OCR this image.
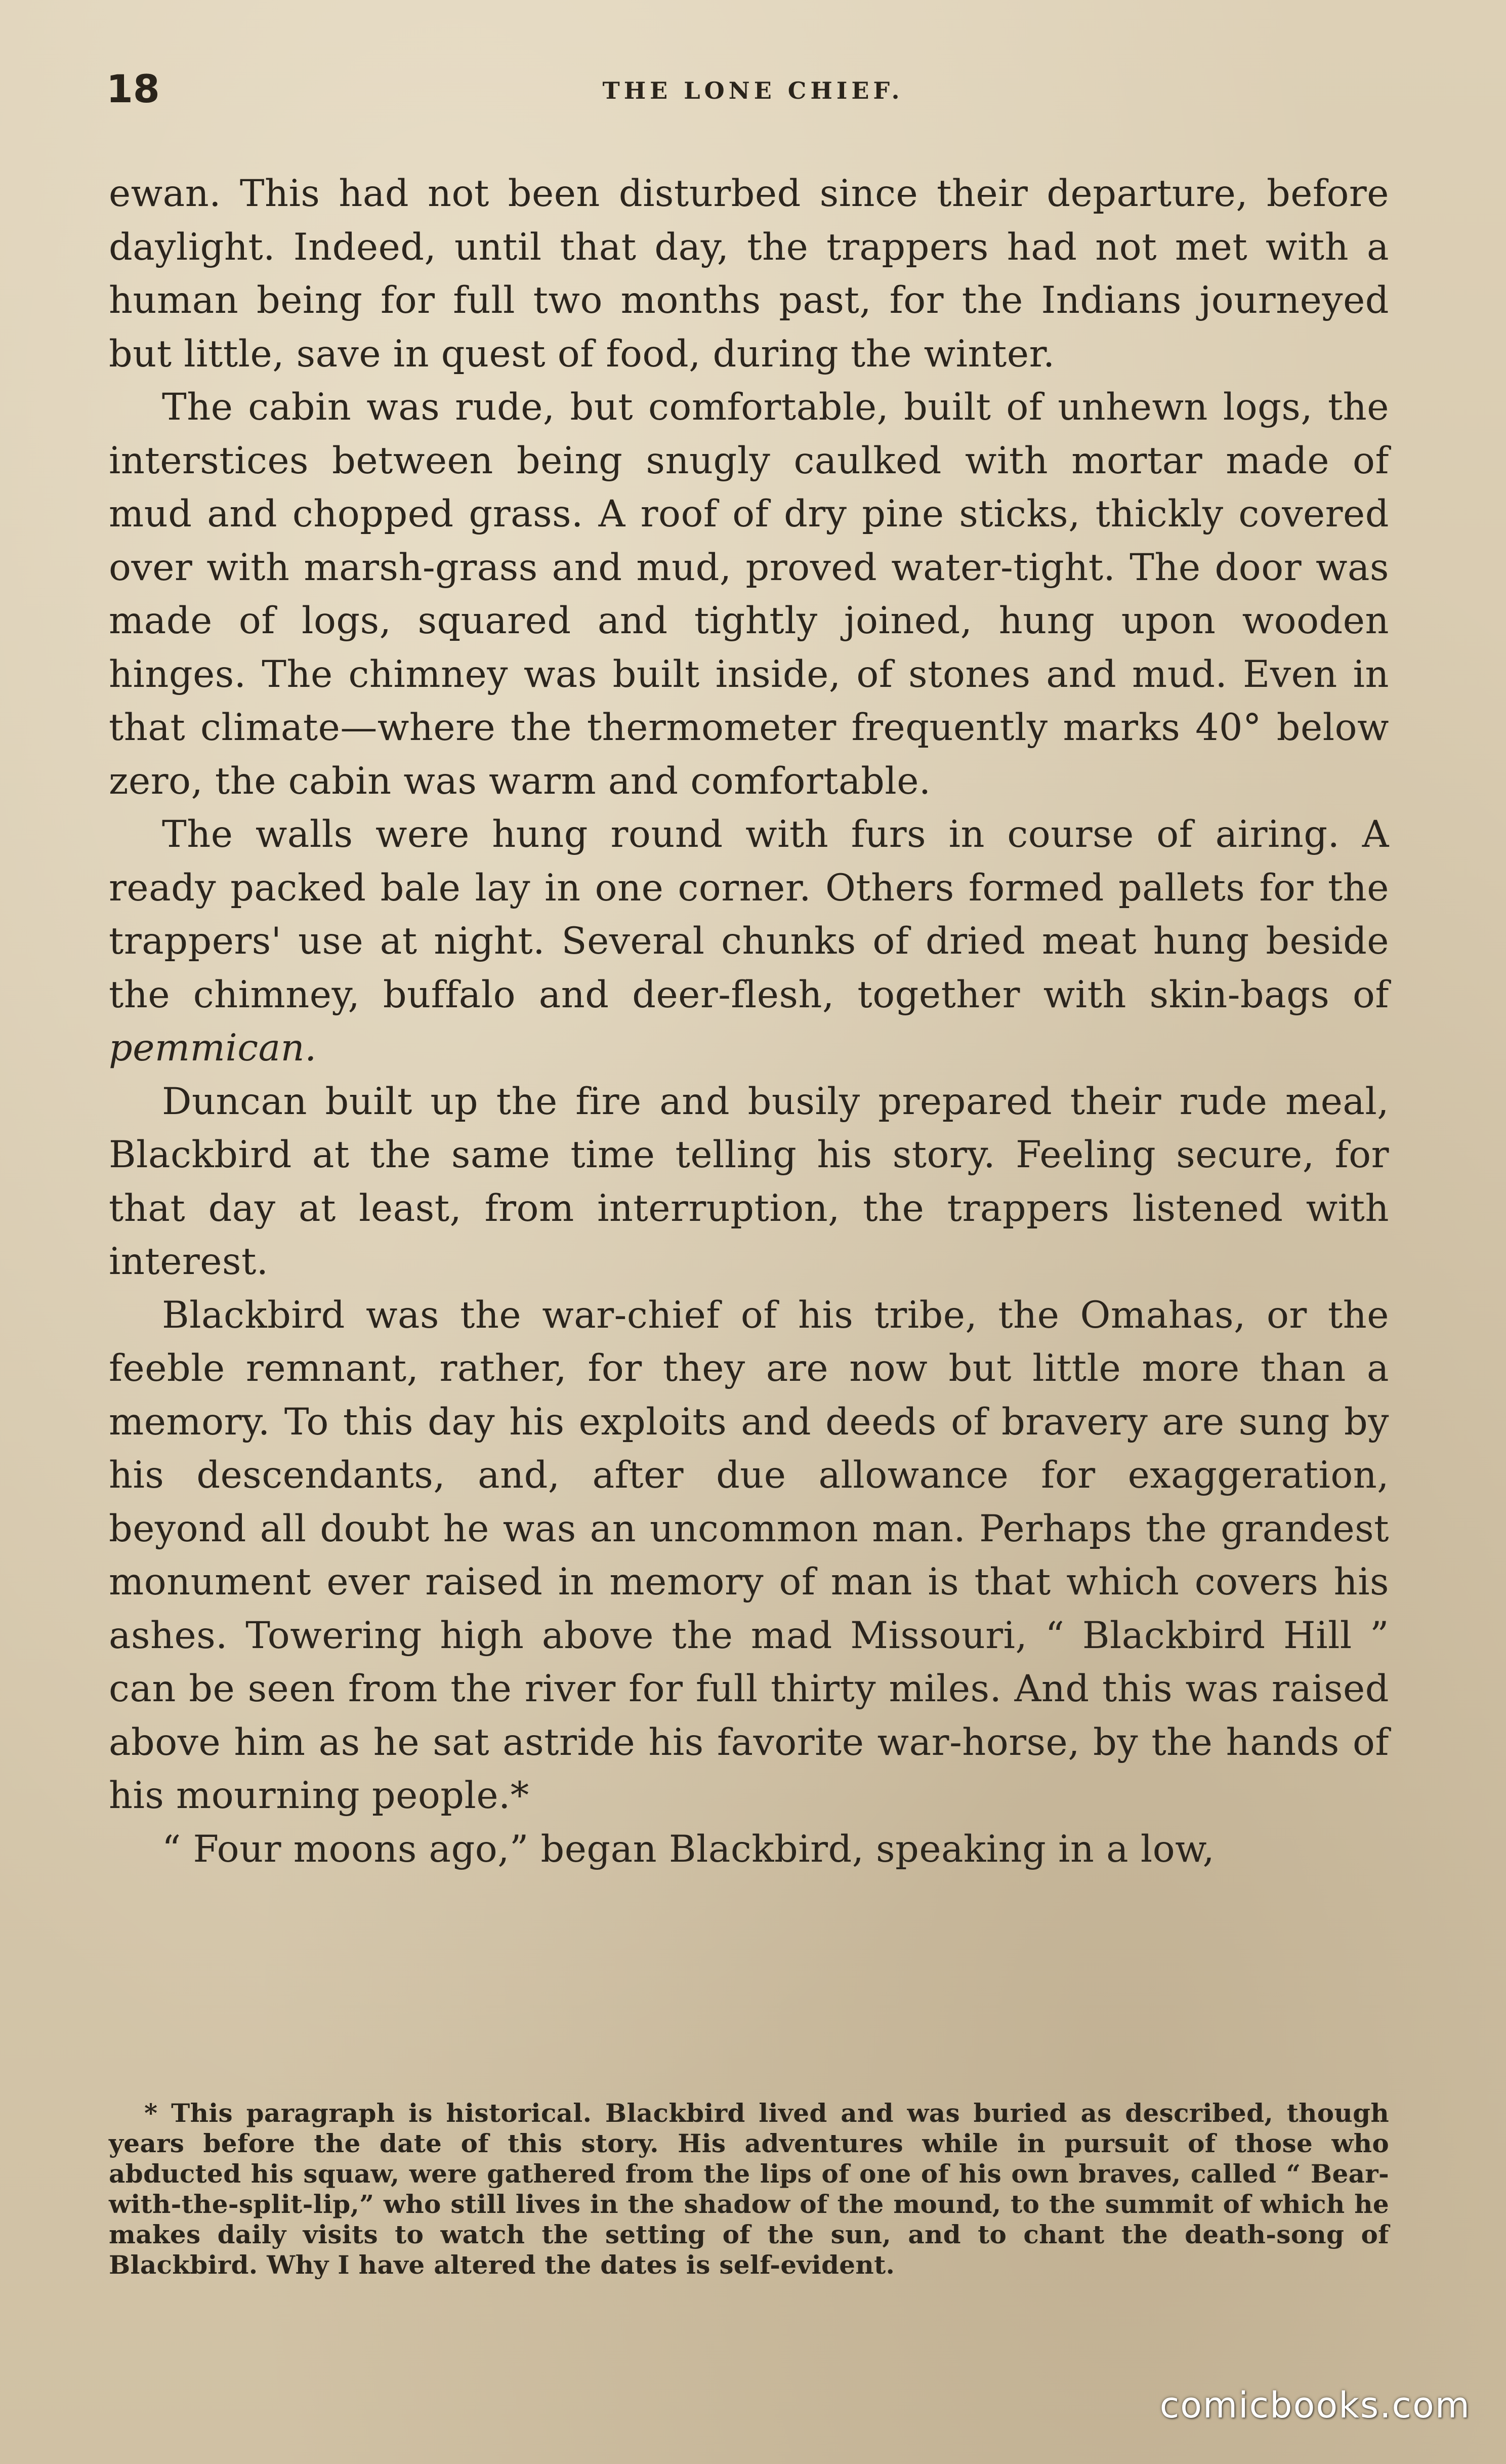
18	THE LONE CHIEF.

ewan. This had not been disturbed since their departure, before daylight. Indeed, until that day, the trappers had not met with a human being for full two months past, for the Indians journeyed but little, save in quest of food, during the winter.

The cabin was rude, but comfortable, built of unhewn logs, the interstices between being snugly caulked with mortar made of mud and chopped grass. A roof of dry pine sticks, thickly covered over with marsh-grass and mud, proved water-tight. The door was made of logs, squared and tightly joined, hung upon wooden hinges. The chimney was built inside, of stones and mud. Even in that climate—where the thermometer frequently marks 40° below zero, the cabin was warm and comfortable.

The walls were hung round with furs in course of airing. A ready packed bale lay in one corner. Others formed pallets for the trappers' use at night. Several chunks of dried meat hung beside the chimney, buffalo and deer-flesh, together with skin-bags of pemmican.

Duncan built up the fire and busily prepared their rude meal, Blackbird at the same time telling his story. Feeling secure, for that day at least, from interruption, the trappers listened with interest.

Blackbird was the war-chief of his tribe, the Omahas, or the feeble remnant, rather, for they are now but little more than a memory. To this day his exploits and deeds of bravery are sung by his descendants, and, after due allowance for exaggeration, beyond all doubt he was an uncommon man. Perhaps the grandest monument ever raised in memory of man is that which covers his ashes. Towering high above the mad Missouri, “ Blackbird Hill ” can be seen from the river for full thirty miles. And this was raised above him as he sat astride his favorite war-horse, by the hands of his mourning people.*

“ Four moons ago,” began Blackbird, speaking in a low,

* This paragraph is historical. Blackbird lived and was buried as described, though years before the date of this story. His adventures while in pursuit of those who abducted his squaw, were gathered from the lips of one of his own braves, called “ Bear-with-the-split-lip,” who still lives in the shadow of the mound, to the summit of which he makes daily visits to watch the setting of the sun, and to chant the death-song of Blackbird. Why I have altered the dates is self-evident.

comicbooks.com
